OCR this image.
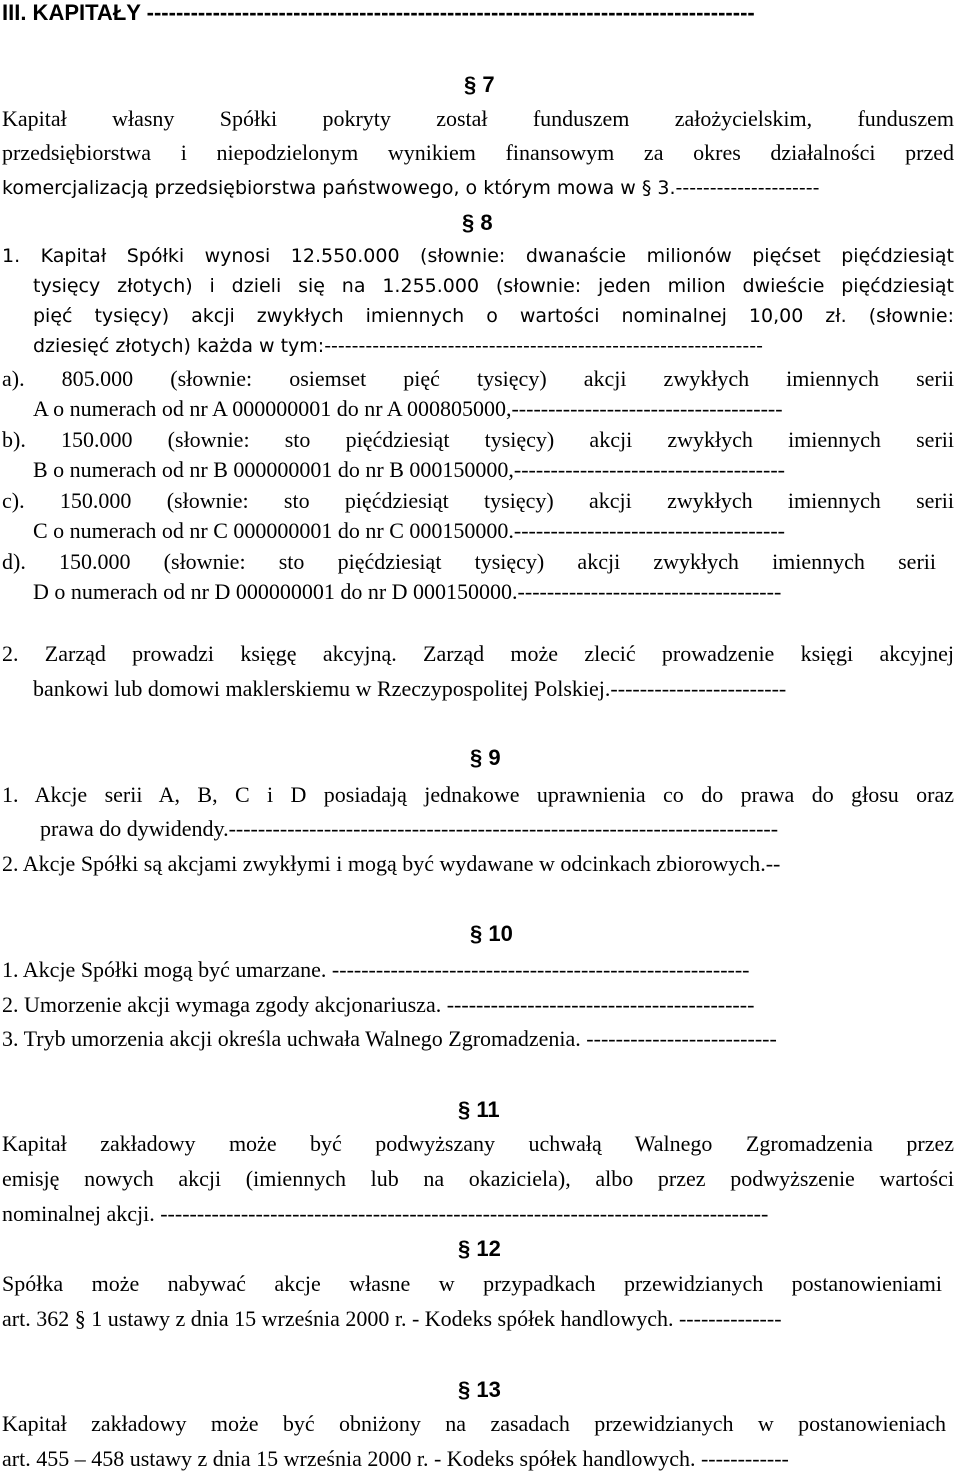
III. KAPITAŁY -----------------------------------------------------------------------------------
§ 7
Kapitał własny Spółki pokryty został funduszem założycielskim, funduszem
przedsiębiorstwa i niepodzielonym wynikiem finansowym za okres działalności przed
komercjalizacją przedsiębiorstwa państwowego, o którym mowa w § 3.---------------------
§ 8
1. Kapitał Spółki wynosi 12.550.000 (słownie: dwanaście milionów pięćset pięćdziesiąt
tysięcy złotych) i dzieli się na 1.255.000 (słownie: jeden milion dwieście pięćdziesiąt
pięć tysięcy) akcji zwykłych imiennych o wartości nominalnej 10,00 zł. (słownie:
dziesięć złotych) każda w tym:----------------------------------------------------------------
a). 805.000 (słownie: osiemset pięć tysięcy) akcji zwykłych imiennych serii
A o numerach od nr A 000000001 do nr A 000805000,-------------------------------------
b). 150.000 (słownie: sto pięćdziesiąt tysięcy) akcji zwykłych imiennych serii
B o numerach od nr B 000000001 do nr B 000150000,-------------------------------------
c). 150.000 (słownie: sto pięćdziesiąt tysięcy) akcji zwykłych imiennych serii
C o numerach od nr C 000000001 do nr C 000150000.-------------------------------------
d). 150.000 (słownie: sto pięćdziesiąt tysięcy) akcji zwykłych imiennych serii
D o numerach od nr D 000000001 do nr D 000150000.------------------------------------
2. Zarząd prowadzi księgę akcyjną. Zarząd może zlecić prowadzenie księgi akcyjnej
bankowi lub domowi maklerskiemu w Rzeczypospolitej Polskiej.------------------------
§ 9
1. Akcje serii A, B, C i D posiadają jednakowe uprawnienia co do prawa do głosu oraz
prawa do dywidendy.---------------------------------------------------------------------------
2. Akcje Spółki są akcjami zwykłymi i mogą być wydawane w odcinkach zbiorowych.--
§ 10
1. Akcje Spółki mogą być umarzane. ---------------------------------------------------------
2. Umorzenie akcji wymaga zgody akcjonariusza. ------------------------------------------
3. Tryb umorzenia akcji określa uchwała Walnego Zgromadzenia. --------------------------
§ 11
Kapitał zakładowy może być podwyższany uchwałą Walnego Zgromadzenia przez
emisję nowych akcji (imiennych lub na okaziciela), albo przez podwyższenie wartości
nominalnej akcji. -----------------------------------------------------------------------------------
§ 12
Spółka może nabywać akcje własne w przypadkach przewidzianych postanowieniami
art. 362 § 1 ustawy z dnia 15 września 2000 r. - Kodeks spółek handlowych. --------------
§ 13
Kapitał zakładowy może być obniżony na zasadach przewidzianych w postanowieniach
art. 455 – 458 ustawy z dnia 15 września 2000 r. - Kodeks spółek handlowych. ------------
